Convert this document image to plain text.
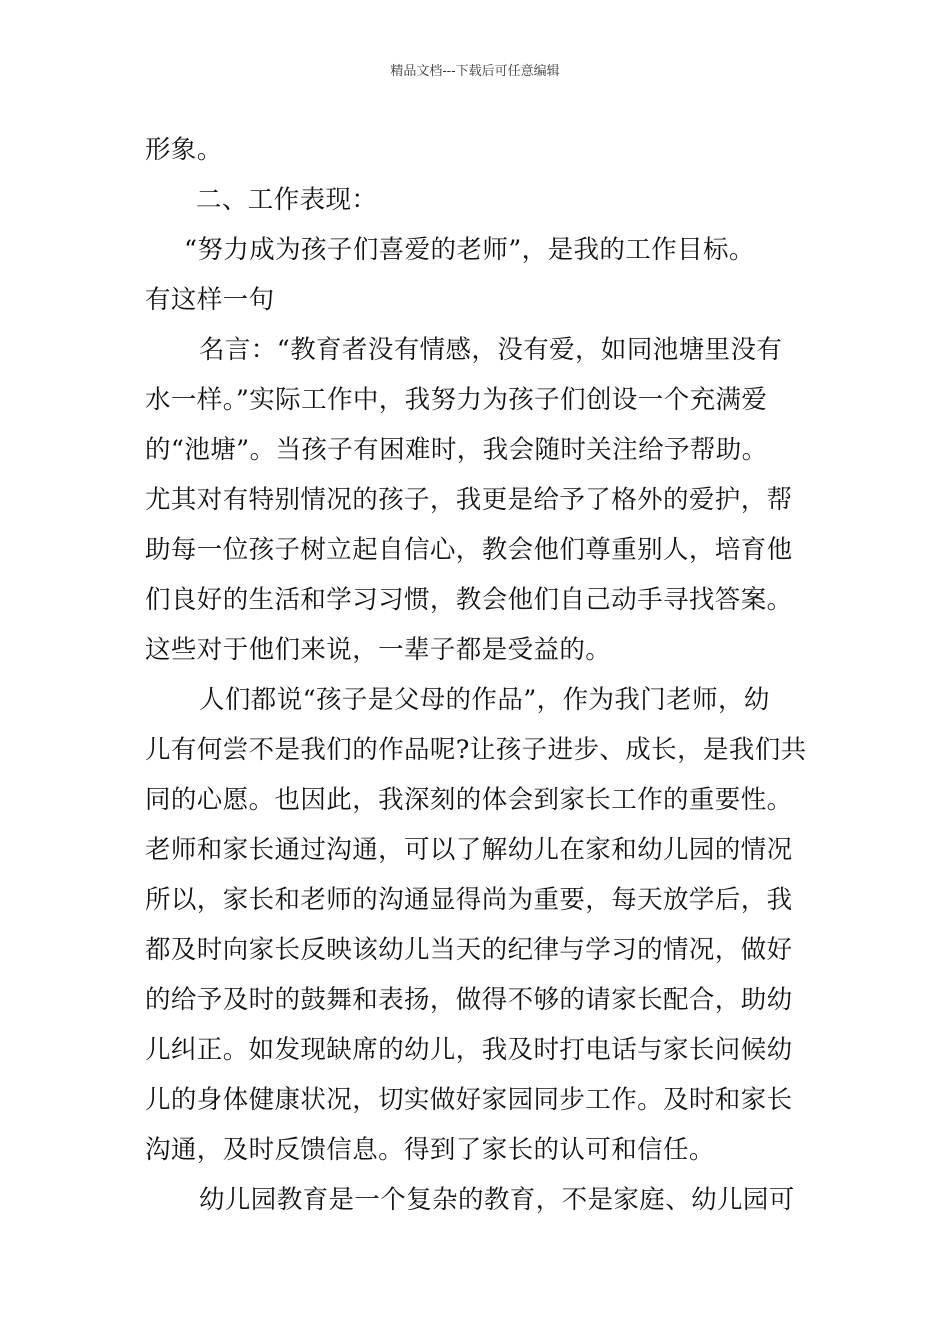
精品文档---下载后可任意编辑
形象。
二、工作表现：
“努力成为孩子们喜爱的老师”，是我的工作目标。
有这样一句
名言：“教育者没有情感，没有爱，如同池塘里没有
水一样。”实际工作中，我努力为孩子们创设一个充满爱
的“池塘”。当孩子有困难时，我会随时关注给予帮助。
尤其对有特别情况的孩子，我更是给予了格外的爱护，帮
助每一位孩子树立起自信心，教会他们尊重别人，培育他
们良好的生活和学习习惯，教会他们自己动手寻找答案。
这些对于他们来说，一辈子都是受益的。
人们都说“孩子是父母的作品”，作为我门老师，幼
儿有何尝不是我们的作品呢?让孩子进步、成长，是我们共
同的心愿。也因此，我深刻的体会到家长工作的重要性。
老师和家长通过沟通，可以了解幼儿在家和幼儿园的情况
所以，家长和老师的沟通显得尚为重要，每天放学后，我
都及时向家长反映该幼儿当天的纪律与学习的情况，做好
的给予及时的鼓舞和表扬，做得不够的请家长配合，助幼
儿纠正。如发现缺席的幼儿，我及时打电话与家长问候幼
儿的身体健康状况，切实做好家园同步工作。及时和家长
沟通，及时反馈信息。得到了家长的认可和信任。
幼儿园教育是一个复杂的教育，不是家庭、幼儿园可
